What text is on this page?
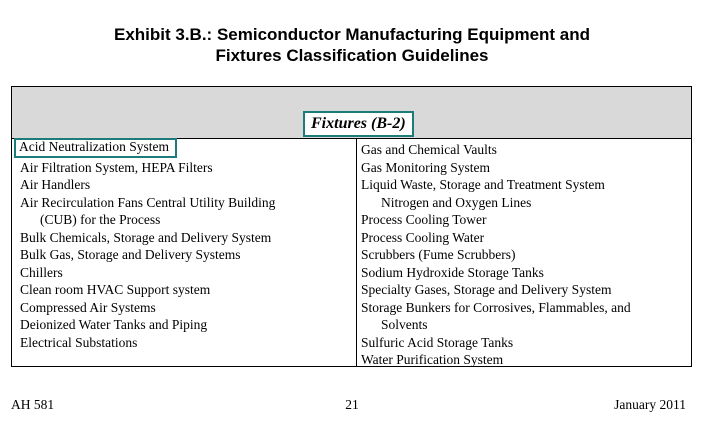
Exhibit 3.B.: Semiconductor Manufacturing Equipment and
Fixtures Classification Guidelines
Fixtures (B-2)
Acid Neutralization System
Air Filtration System, HEPA Filters
Air Handlers
Air Recirculation Fans Central Utility Building
(CUB) for the Process
Bulk Chemicals, Storage and Delivery System
Bulk Gas, Storage and Delivery Systems
Chillers
Clean room HVAC Support system
Compressed Air Systems
Deionized Water Tanks and Piping
Electrical Substations
Gas and Chemical Vaults
Gas Monitoring System
Liquid Waste, Storage and Treatment System
Nitrogen and Oxygen Lines
Process Cooling Tower
Process Cooling Water
Scrubbers (Fume Scrubbers)
Sodium Hydroxide Storage Tanks
Specialty Gases, Storage and Delivery System
Storage Bunkers for Corrosives, Flammables, and
Solvents
Sulfuric Acid Storage Tanks
Water Purification System
21
AH 581	January 2011
